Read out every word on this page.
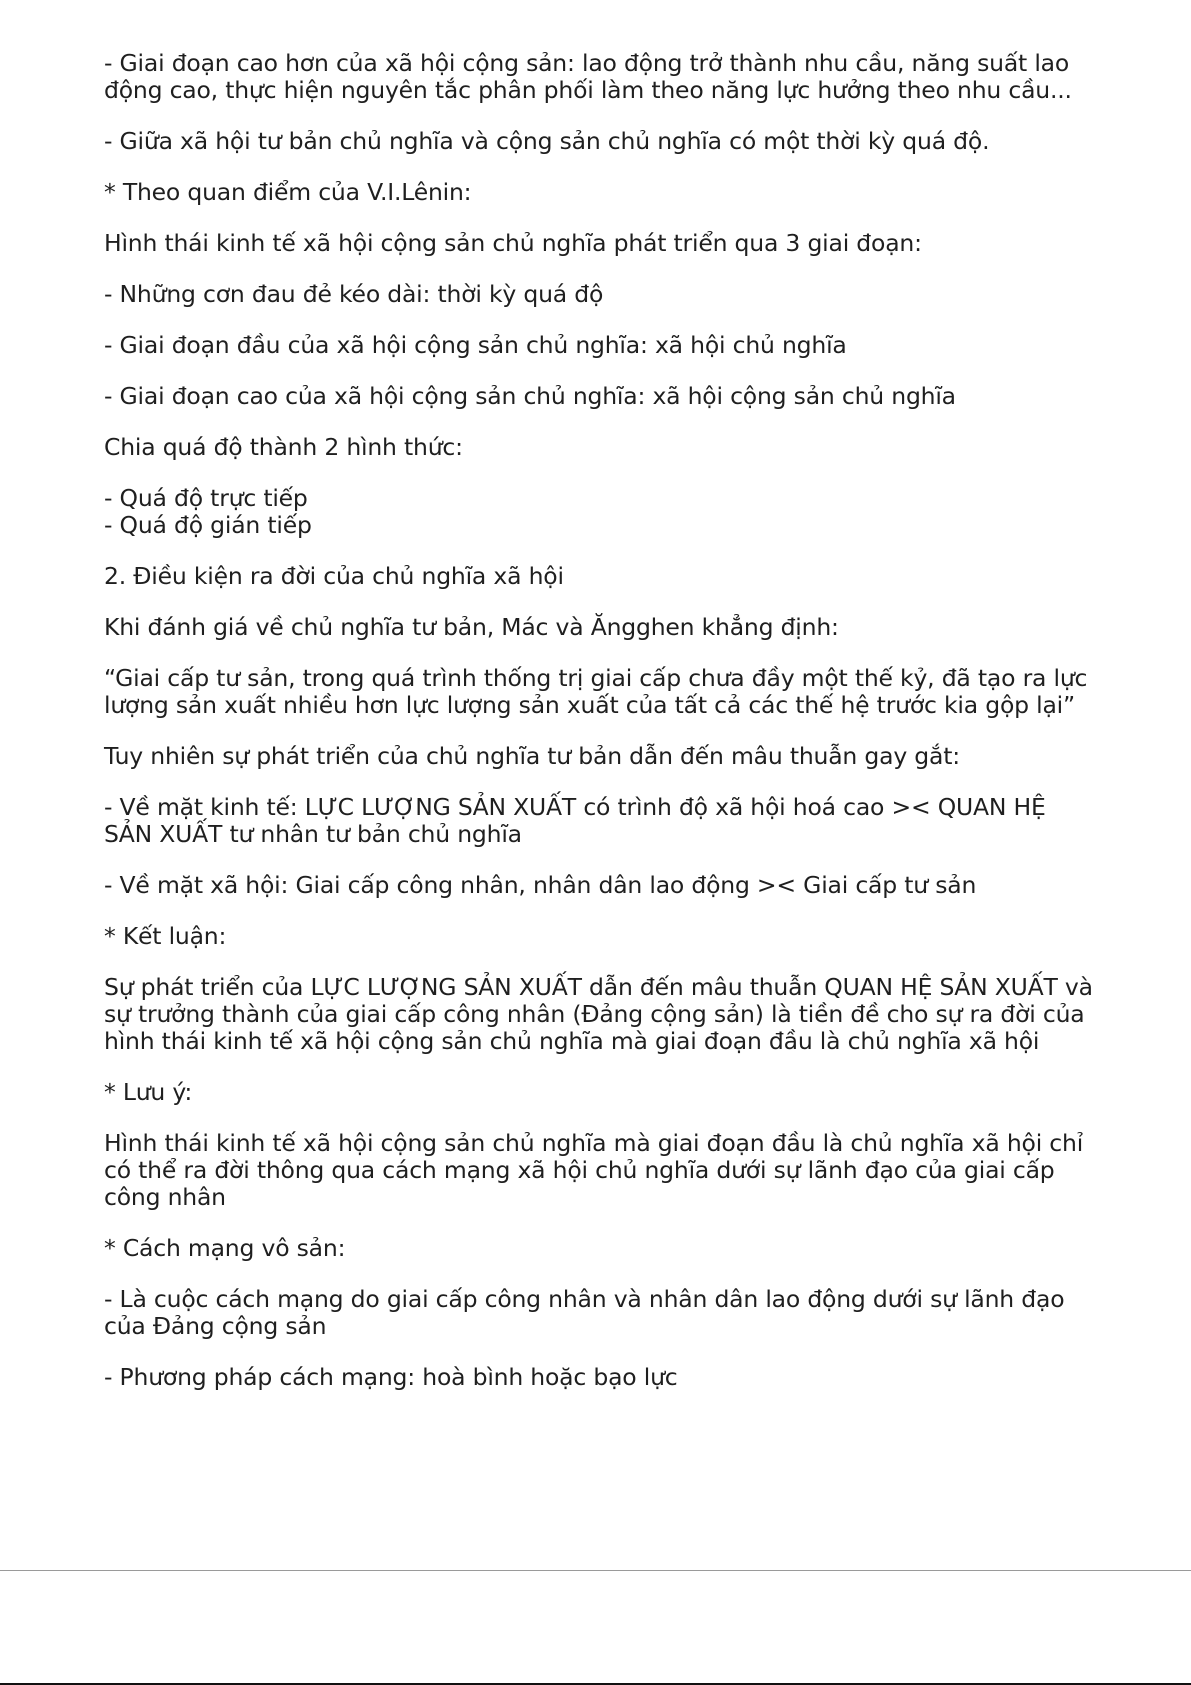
- Giai đoạn cao hơn của xã hội cộng sản: lao động trở thành nhu cầu, năng suất lao động cao, thực hiện nguyên tắc phân phối làm theo năng lực hưởng theo nhu cầu...

- Giữa xã hội tư bản chủ nghĩa và cộng sản chủ nghĩa có một thời kỳ quá độ.

* Theo quan điểm của V.I.Lênin:

Hình thái kinh tế xã hội cộng sản chủ nghĩa phát triển qua 3 giai đoạn:

- Những cơn đau đẻ kéo dài: thời kỳ quá độ

- Giai đoạn đầu của xã hội cộng sản chủ nghĩa: xã hội chủ nghĩa

- Giai đoạn cao của xã hội cộng sản chủ nghĩa: xã hội cộng sản chủ nghĩa

Chia quá độ thành 2 hình thức:

- Quá độ trực tiếp
- Quá độ gián tiếp

2. Điều kiện ra đời của chủ nghĩa xã hội

Khi đánh giá về chủ nghĩa tư bản, Mác và Ăngghen khẳng định:

“Giai cấp tư sản, trong quá trình thống trị giai cấp chưa đầy một thế kỷ, đã tạo ra lực lượng sản xuất nhiều hơn lực lượng sản xuất của tất cả các thế hệ trước kia gộp lại”

Tuy nhiên sự phát triển của chủ nghĩa tư bản dẫn đến mâu thuẫn gay gắt:

- Về mặt kinh tế: LỰC LƯỢNG SẢN XUẤT có trình độ xã hội hoá cao >< QUAN HỆ SẢN XUẤT tư nhân tư bản chủ nghĩa

- Về mặt xã hội: Giai cấp công nhân, nhân dân lao động >< Giai cấp tư sản

* Kết luận:

Sự phát triển của LỰC LƯỢNG SẢN XUẤT dẫn đến mâu thuẫn QUAN HỆ SẢN XUẤT và sự trưởng thành của giai cấp công nhân (Đảng cộng sản) là tiền đề cho sự ra đời của hình thái kinh tế xã hội cộng sản chủ nghĩa mà giai đoạn đầu là chủ nghĩa xã hội

* Lưu ý:

Hình thái kinh tế xã hội cộng sản chủ nghĩa mà giai đoạn đầu là chủ nghĩa xã hội chỉ có thể ra đời thông qua cách mạng xã hội chủ nghĩa dưới sự lãnh đạo của giai cấp công nhân

* Cách mạng vô sản:

- Là cuộc cách mạng do giai cấp công nhân và nhân dân lao động dưới sự lãnh đạo của Đảng cộng sản

- Phương pháp cách mạng: hoà bình hoặc bạo lực
